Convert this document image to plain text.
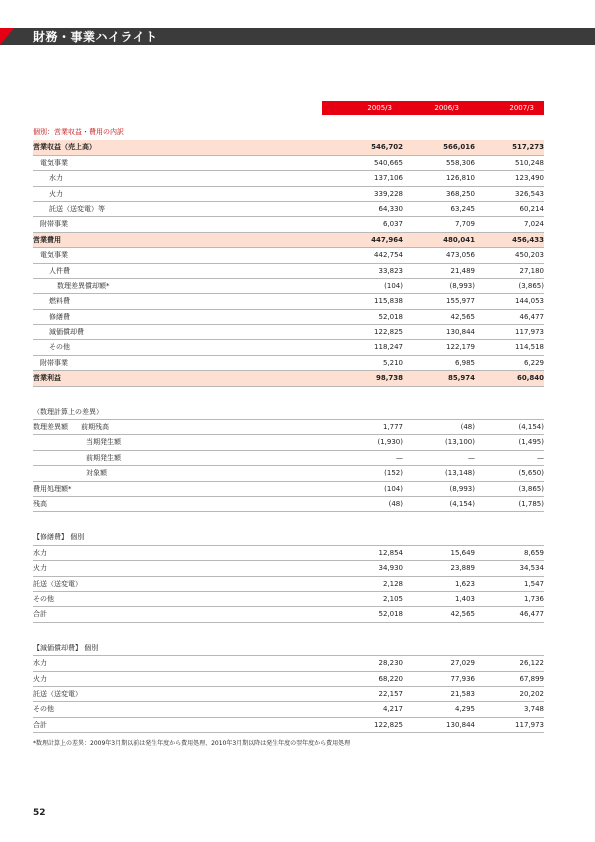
財務・事業ハイライト
2005/3	2006/3	2007/3
個別：営業収益・費用の内訳
営業収益（売上高）	546,702	566,016	517,273
電気事業	540,665	558,306	510,248
水力	137,106	126,810	123,490
火力	339,228	368,250	326,543
託送（送変電）等	64,330	63,245	60,214
附帯事業	6,037	7,709	7,024
営業費用	447,964	480,041	456,433
電気事業	442,754	473,056	450,203
人件費	33,823	21,489	27,180
数理差異償却額*	(104)	(8,993)	(3,865)
燃料費	115,838	155,977	144,053
修繕費	52,018	42,565	46,477
減価償却費	122,825	130,844	117,973
その他	118,247	122,179	114,518
附帯事業	5,210	6,985	6,229
営業利益	98,738	85,974	60,840
（数理計算上の差異）
数理差異額 前期残高	1,777	(48)	(4,154)
当期発生額	(1,930)	(13,100)	(1,495)
前期発生額	—	—	—
対象額	(152)	(13,148)	(5,650)
費用処理額*	(104)	(8,993)	(3,865)
残高	(48)	(4,154)	(1,785)
【修繕費】 個別
水力	12,854	15,649	8,659
火力	34,930	23,889	34,534
託送（送変電）	2,128	1,623	1,547
その他	2,105	1,403	1,736
合計	52,018	42,565	46,477
【減価償却費】 個別
水力	28,230	27,029	26,122
火力	68,220	77,936	67,899
託送（送変電）	22,157	21,583	20,202
その他	4,217	4,295	3,748
合計	122,825	130,844	117,973
*数理計算上の差異：2009年3月期以前は発生年度から費用処理、2010年3月期以降は発生年度の翌年度から費用処理
52
